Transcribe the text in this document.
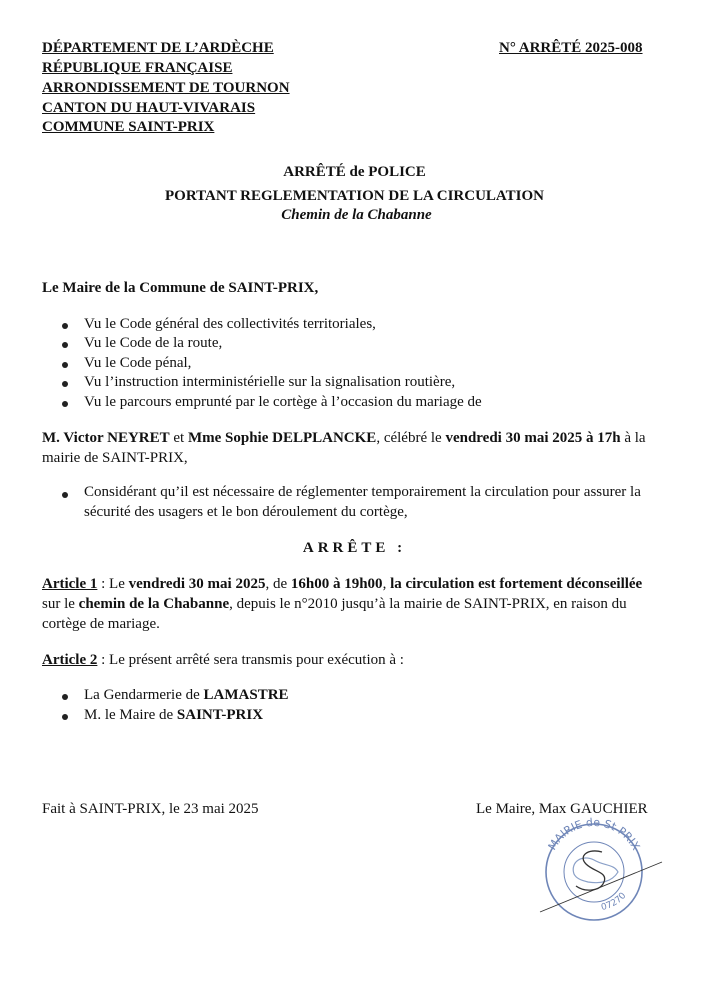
DÉPARTEMENT DE L’ARDÈCHE
RÉPUBLIQUE FRANÇAISE
ARRONDISSEMENT DE TOURNON
CANTON DU HAUT-VIVARAIS
COMMUNE SAINT-PRIX
N° ARRÊTÉ 2025-008
ARRÊTÉ de POLICE
PORTANT REGLEMENTATION DE LA CIRCULATION
Chemin de la Chabanne
Le Maire de la Commune de SAINT-PRIX,
Vu le Code général des collectivités territoriales,
Vu le Code de la route,
Vu le Code pénal,
Vu l’instruction interministérielle sur la signalisation routière,
Vu le parcours emprunté par le cortège à l’occasion du mariage de
M. Victor NEYRET et Mme Sophie DELPLANCKE, célébré le vendredi 30 mai 2025 à 17h à la mairie de SAINT-PRIX,
Considérant qu’il est nécessaire de réglementer temporairement la circulation pour assurer la sécurité des usagers et le bon déroulement du cortège,
ARRÊTE :
Article 1 : Le vendredi 30 mai 2025, de 16h00 à 19h00, la circulation est fortement déconseillée sur le chemin de la Chabanne, depuis le n°2010 jusqu’à la mairie de SAINT-PRIX, en raison du cortège de mariage.
Article 2 : Le présent arrêté sera transmis pour exécution à :
La Gendarmerie de LAMASTRE
M. le Maire de SAINT-PRIX
Fait à SAINT-PRIX, le 23 mai 2025	Le Maire, Max GAUCHIER
MAIRIE de St PRIX
07270
